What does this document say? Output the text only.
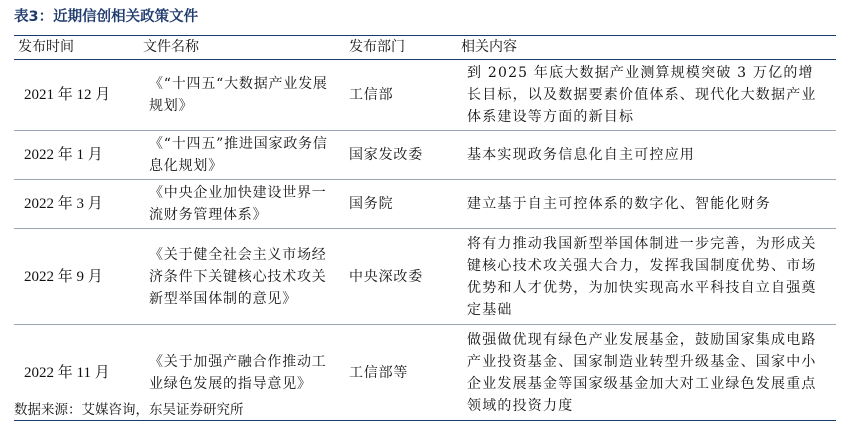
表3：近期信创相关政策文件
发布时间	文件名称	发布部门	相关内容
2021 年 12 月	《“十四五“大数据产业发展规划》	工信部	到 2025 年底大数据产业测算规模突破 3 万亿的增长目标，以及数据要素价值体系、现代化大数据产业体系建设等方面的新目标
2022 年 1 月	《“十四五”推进国家政务信息化规划》	国家发改委	基本实现政务信息化自主可控应用
2022 年 3 月	《中央企业加快建设世界一流财务管理体系》	国务院	建立基于自主可控体系的数字化、智能化财务
2022 年 9 月	《关于健全社会主义市场经济条件下关键核心技术攻关新型举国体制的意见》	中央深改委	将有力推动我国新型举国体制进一步完善，为形成关键核心技术攻关强大合力，发挥我国制度优势、市场优势和人才优势，为加快实现高水平科技自立自强奠定基础
2022 年 11 月	《关于加强产融合作推动工业绿色发展的指导意见》	工信部等	做强做优现有绿色产业发展基金，鼓励国家集成电路产业投资基金、国家制造业转型升级基金、国家中小企业发展基金等国家级基金加大对工业绿色发展重点领域的投资力度
数据来源：艾媒咨询，东吴证券研究所
